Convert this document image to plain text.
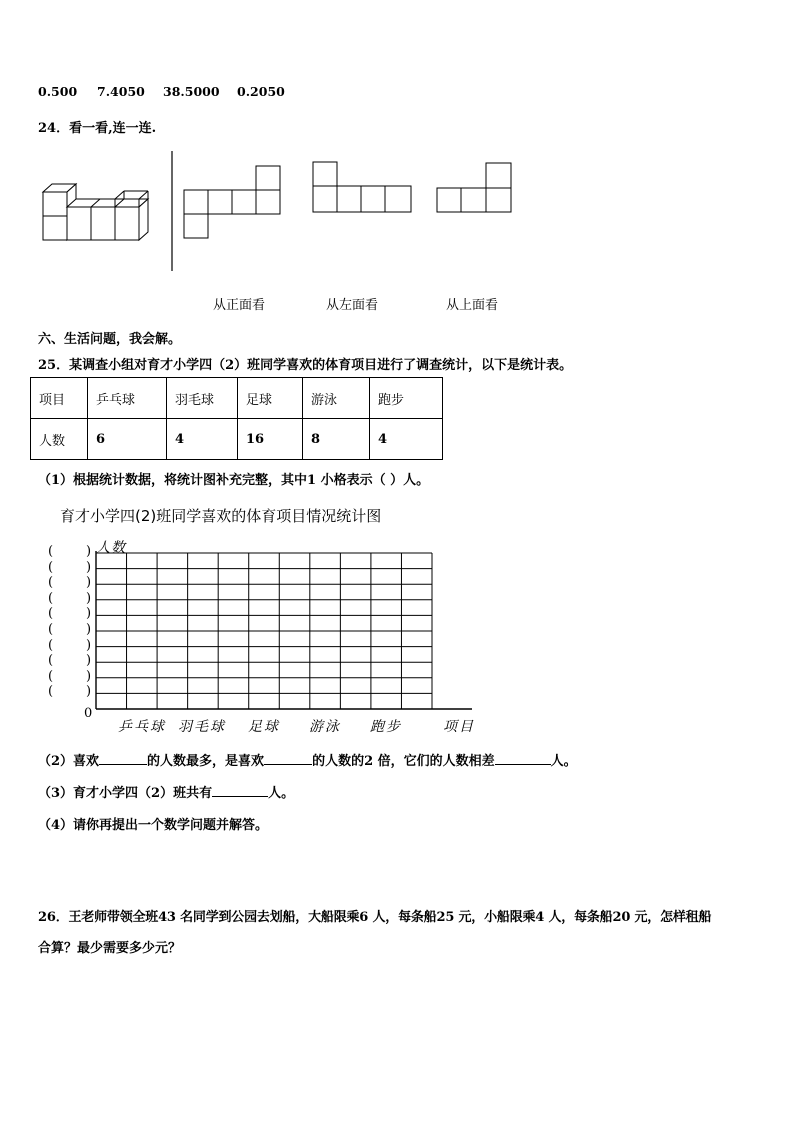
0.500 7.4050 38.5000 0.2050
24．看一看,连一连.
从正面看	从左面看	从上面看
六、生活问题，我会解。
25．某调查小组对育才小学四（2）班同学喜欢的体育项目进行了调查统计，以下是统计表。
项目	乒乓球	羽毛球	足球	游泳	跑步
人数	6	4	16	8	4
（1）根据统计数据，将统计图补充完整，其中1 小格表示（ ）人。
育才小学四(2)班同学喜欢的体育项目情况统计图
人数
(	)
(	)
(	)
(	)
(	)
(	)
(	)
(	)
(	)
(	)
0
乒乓球 羽毛球 足球 游泳 跑步	项目
（2）喜欢	的人数最多，是喜欢	的人数的2 倍，它们的人数相差	人。
（3）育才小学四（2）班共有	人。
（4）请你再提出一个数学问题并解答。
26．王老师带领全班43 名同学到公园去划船，大船限乘6 人，每条船25 元，小船限乘4 人，每条船20 元，怎样租船
合算？最少需要多少元？
